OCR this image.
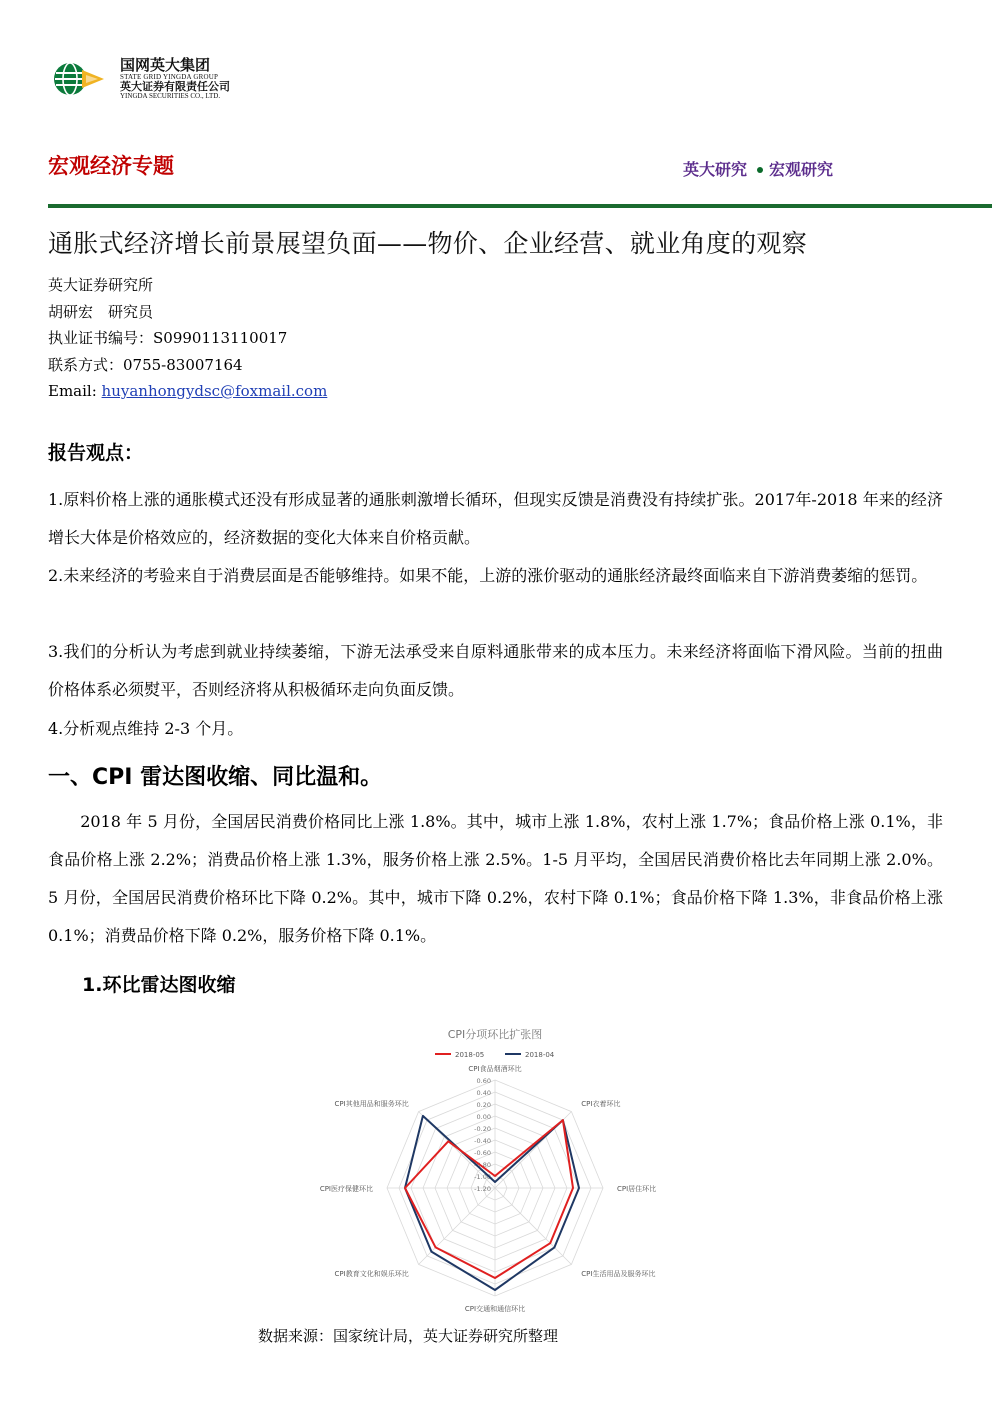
国网英大集团
STATE GRID YINGDA GROUP
英大证券有限责任公司
YINGDA SECURITIES CO., LTD.
宏观经济专题	英大研究 宏观研究
通胀式经济增长前景展望负面——物价、企业经营、就业角度的观察
英大证券研究所
胡研宏　研究员
执业证书编号：S0990113110017
联系方式：0755-83007164
Email: huyanhongydsc@foxmail.com
报告观点：
1.原料价格上涨的通胀模式还没有形成显著的通胀刺激增长循环，但现实反馈是消费没有持续扩张。2017年-2018 年来的经济增长大体是价格效应的，经济数据的变化大体来自价格贡献。
2.未来经济的考验来自于消费层面是否能够维持。如果不能，上游的涨价驱动的通胀经济最终面临来自下游消费萎缩的惩罚。
3.我们的分析认为考虑到就业持续萎缩，下游无法承受来自原料通胀带来的成本压力。未来经济将面临下滑风险。当前的扭曲价格体系必须熨平，否则经济将从积极循环走向负面反馈。
4.分析观点维持 2-3 个月。
一、CPI 雷达图收缩、同比温和。
　　2018 年 5 月份，全国居民消费价格同比上涨 1.8%。其中，城市上涨 1.8%，农村上涨 1.7%；食品价格上涨 0.1%，非食品价格上涨 2.2%；消费品价格上涨 1.3%，服务价格上涨 2.5%。1-5 月平均，全国居民消费价格比去年同期上涨 2.0%。5 月份，全国居民消费价格环比下降 0.2%。其中，城市下降 0.2%，农村下降 0.1%；食品价格下降 1.3%，非食品价格上涨 0.1%；消费品价格下降 0.2%，服务价格下降 0.1%。
1.环比雷达图收缩
CPI分项环比扩张图
2018-05	2018-04
0.60
0.40
0.20
0.00
-0.20
-0.40
-0.60
-0.80
-1.00
-1.20
CPI食品烟酒环比
CPI衣着环比
CPI居住环比
CPI生活用品及服务环比
CPI交通和通信环比
CPI教育文化和娱乐环比
CPI医疗保健环比
CPI其他用品和服务环比
数据来源：国家统计局，英大证券研究所整理
